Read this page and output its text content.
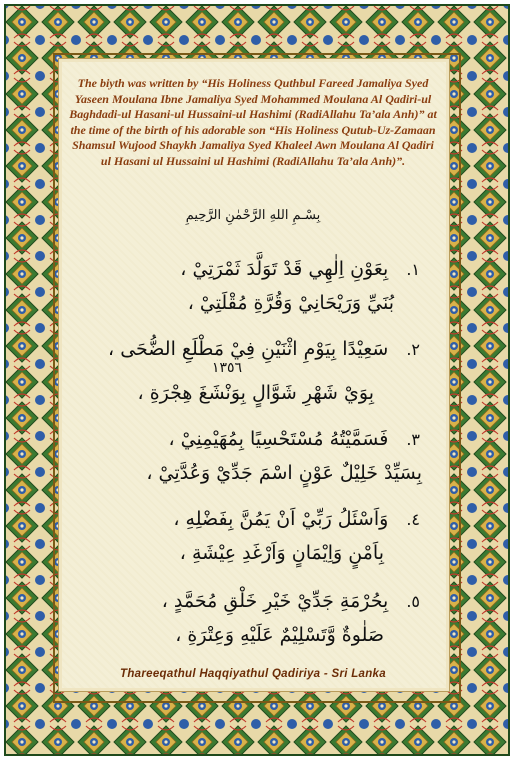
The biyth was written by “His Holiness Quthbul Fareed Jamaliya Syed Yaseen Moulana Ibne Jamaliya Syed Mohammed Moulana Al Qadiri-ul Baghdadi-ul Hasani-ul Hussaini-ul Hashimi (RadiAllahu Ta’ala Anh)” at the time of the birth of his adorable son “His Holiness Qutub-Uz-Zamaan Shamsul Wujood Shaykh Jamaliya Syed Khaleel Awn Moulana Al Qadiri ul Hasani ul Hussaini ul Hashimi (RadiAllahu Ta’ala Anh)”.

بِسْـمِ اللهِ الرَّحْمٰنِ الرَّحِيمِ
١.بِعَوْنِ اِلٰهِي قَدْ تَوَلَّدَ ثَمْرَتِيْ ،
بُنَيِّ وَرَيْحَانِيْ وَقُرَّةِ مُقْلَتِيْ ،
٢.سَعِيْدًا بِيَوْمِ اثْنَيْنِ فِيْ مَطْلَعِ الضُّحَى ،
١٣٥٦
بِوَيْ شَهْرِ شَوَّالٍ بِوَنْشَغَ هِجْرَةِ ،
٣.فَسَمَّيْتُهُ مُسْتَحْسِيًا بِمُهَيْمِنِيْ ،
بِسَيِّدْ خَلِيْلٌ عَوْنٍ اسْمَ جَدِّيْ وَعُدَّتِيْ ،
٤.وَاَسْئَلُ رَبِّيْ اَنْ يَمُنَّ بِفَضْلِهِ ،
بِاَمْنٍ وَاِيْمَانٍ وَاَرْغَدِ عِيْشَةِ ،
٥.بِحُرْمَةِ جَدِّيْ خَيْرِ خَلْقِ مُحَمَّدٍ ،
صَلٰوةٌ وَّتَسْلِيْمٌ عَلَيْهِ وَعِتْرَةِ ،
Thareeqathul Haqqiyathul Qadiriya - Sri Lanka
